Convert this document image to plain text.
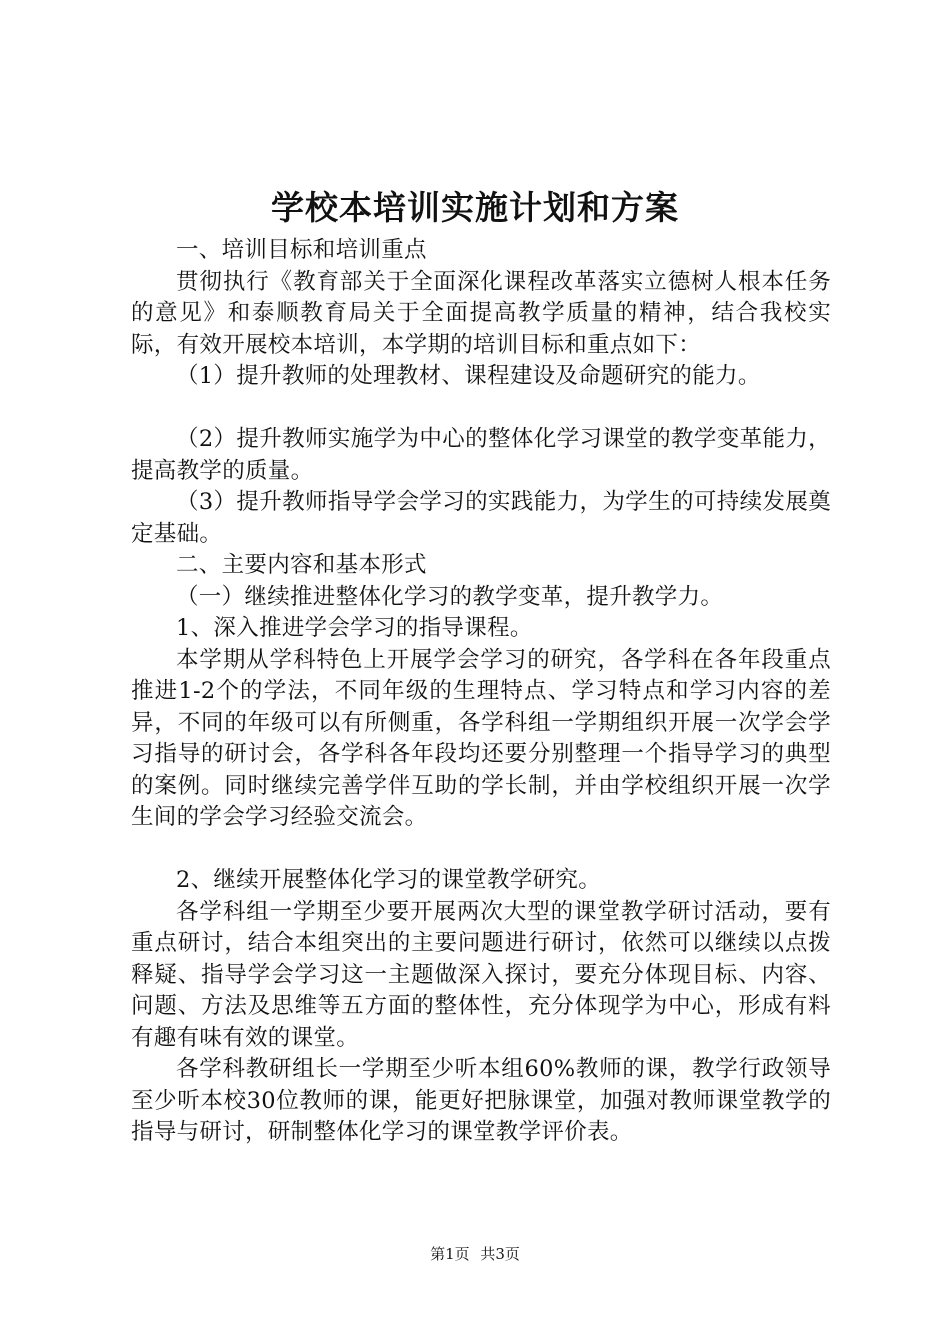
学校本培训实施计划和方案

一、培训目标和培训重点

贯彻执行《教育部关于全面深化课程改革落实立德树人根本任务的意见》和泰顺教育局关于全面提高教学质量的精神，结合我校实际，有效开展校本培训，本学期的培训目标和重点如下：

（1）提升教师的处理教材、课程建设及命题研究的能力。

（2）提升教师实施学为中心的整体化学习课堂的教学变革能力，提高教学的质量。

（3）提升教师指导学会学习的实践能力，为学生的可持续发展奠定基础。

二、主要内容和基本形式

（一）继续推进整体化学习的教学变革，提升教学力。

1、深入推进学会学习的指导课程。

本学期从学科特色上开展学会学习的研究，各学科在各年段重点推进1-2个的学法，不同年级的生理特点、学习特点和学习内容的差异，不同的年级可以有所侧重，各学科组一学期组织开展一次学会学习指导的研讨会，各学科各年段均还要分别整理一个指导学习的典型的案例。同时继续完善学伴互助的学长制，并由学校组织开展一次学生间的学会学习经验交流会。

2、继续开展整体化学习的课堂教学研究。

各学科组一学期至少要开展两次大型的课堂教学研讨活动，要有重点研讨，结合本组突出的主要问题进行研讨，依然可以继续以点拨释疑、指导学会学习这一主题做深入探讨，要充分体现目标、内容、问题、方法及思维等五方面的整体性，充分体现学为中心，形成有料有趣有味有效的课堂。

各学科教研组长一学期至少听本组60%教师的课，教学行政领导至少听本校30位教师的课，能更好把脉课堂，加强对教师课堂教学的指导与研讨，研制整体化学习的课堂教学评价表。

第1页 共3页
